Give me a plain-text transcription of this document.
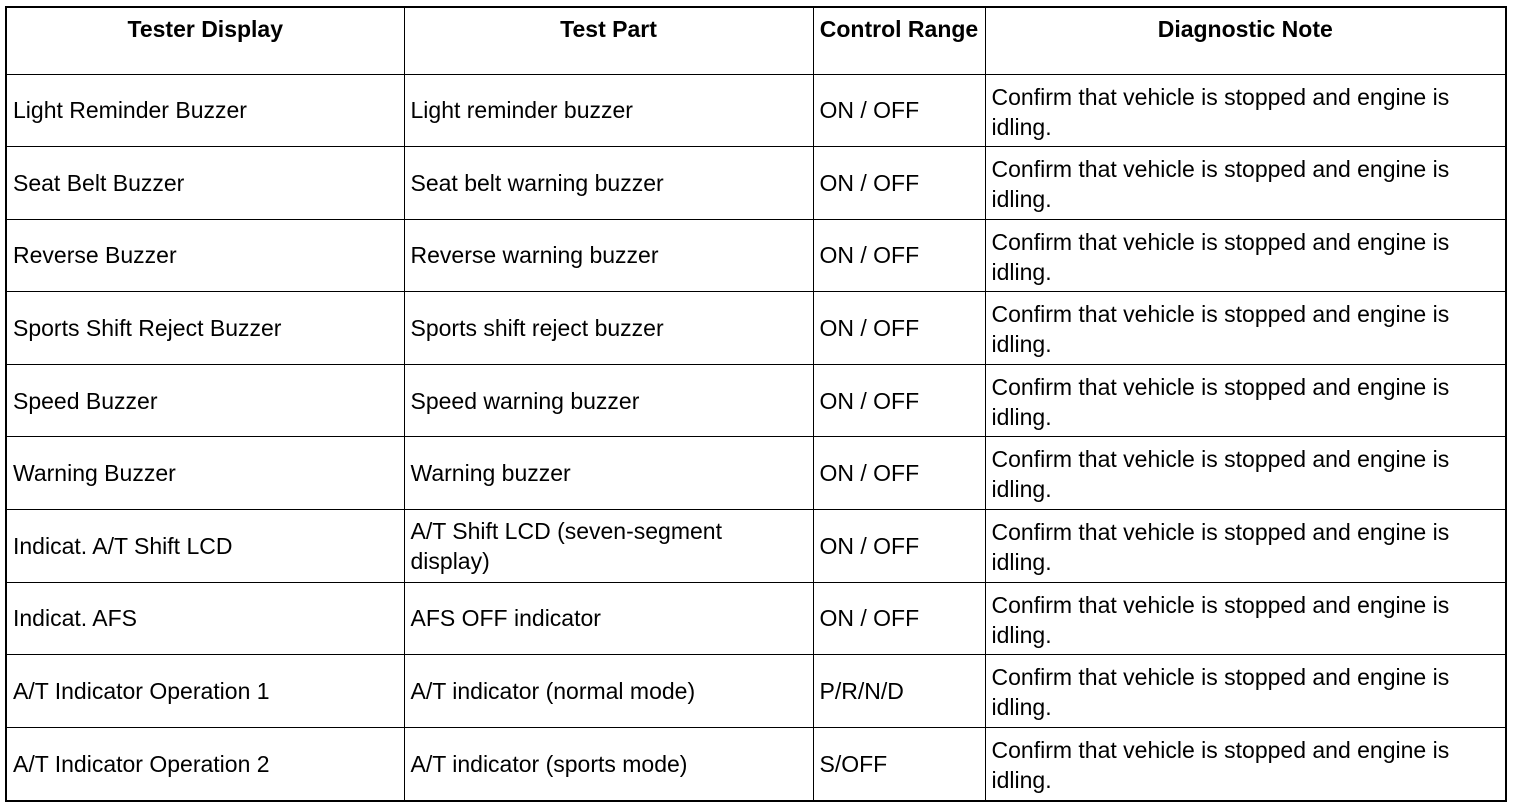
Tester Display	Test Part	Control Range	Diagnostic Note
Light Reminder Buzzer	Light reminder buzzer	ON / OFF	Confirm that vehicle is stopped and engine is idling.
Seat Belt Buzzer	Seat belt warning buzzer	ON / OFF	Confirm that vehicle is stopped and engine is idling.
Reverse Buzzer	Reverse warning buzzer	ON / OFF	Confirm that vehicle is stopped and engine is idling.
Sports Shift Reject Buzzer	Sports shift reject buzzer	ON / OFF	Confirm that vehicle is stopped and engine is idling.
Speed Buzzer	Speed warning buzzer	ON / OFF	Confirm that vehicle is stopped and engine is idling.
Warning Buzzer	Warning buzzer	ON / OFF	Confirm that vehicle is stopped and engine is idling.
Indicat. A/T Shift LCD	A/T Shift LCD (seven-segment display)	ON / OFF	Confirm that vehicle is stopped and engine is idling.
Indicat. AFS	AFS OFF indicator	ON / OFF	Confirm that vehicle is stopped and engine is idling.
A/T Indicator Operation 1	A/T indicator (normal mode)	P/R/N/D	Confirm that vehicle is stopped and engine is idling.
A/T Indicator Operation 2	A/T indicator (sports mode)	S/OFF	Confirm that vehicle is stopped and engine is idling.
